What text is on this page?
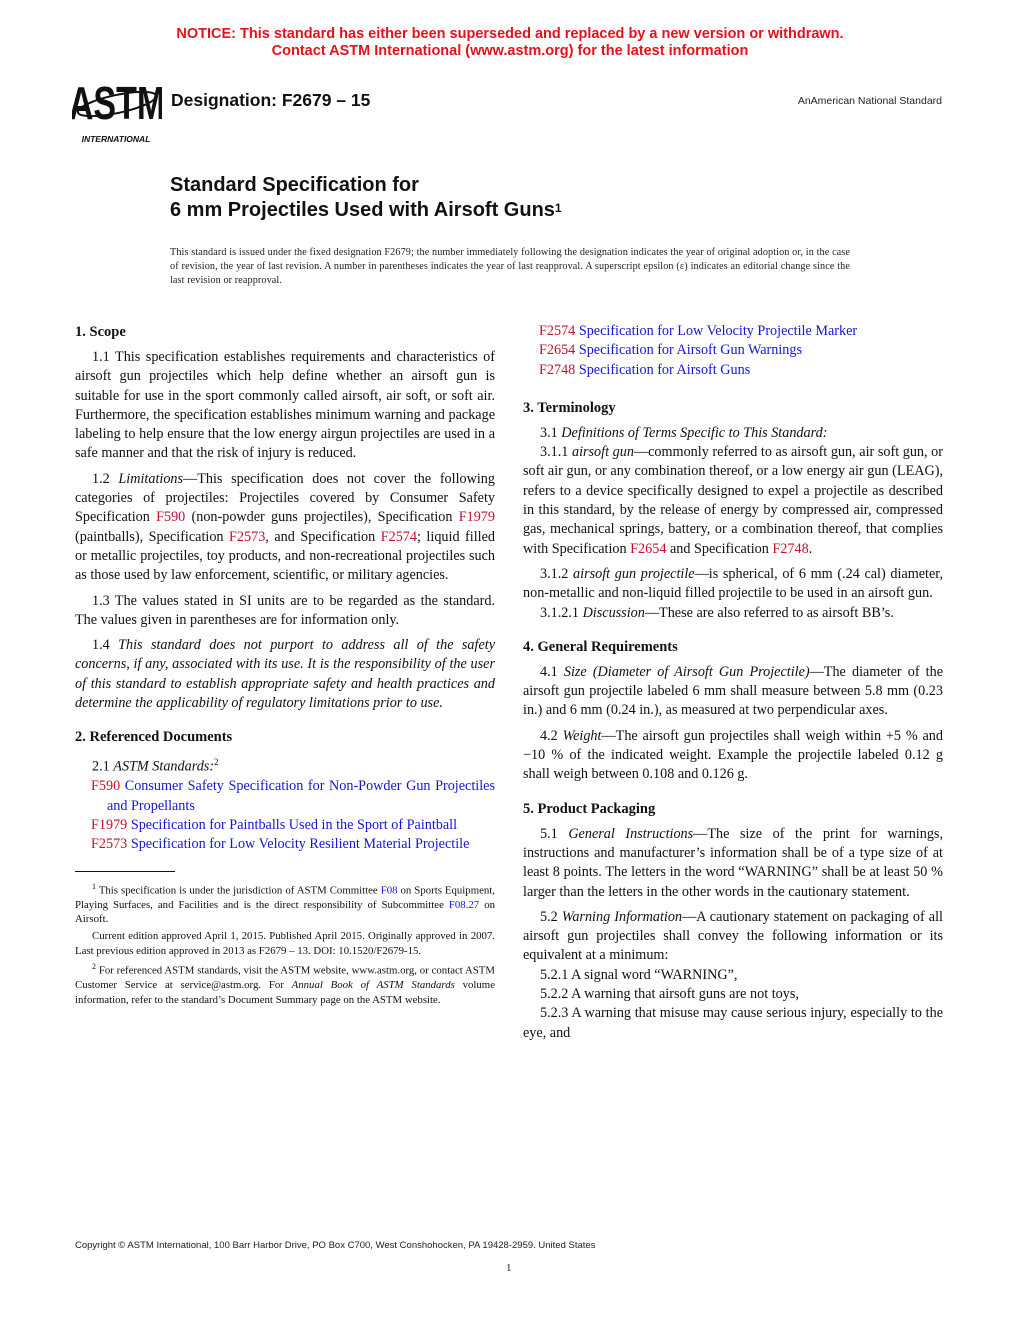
NOTICE: This standard has either been superseded and replaced by a new version or withdrawn.
Contact ASTM International (www.astm.org) for the latest information
ASTM
INTERNATIONAL
Designation: F2679 – 15	AnAmerican National Standard
Standard Specification for
6 mm Projectiles Used with Airsoft Guns$^1$
This standard is issued under the fixed designation F2679; the number immediately following the designation indicates the year of original adoption or, in the case of revision, the year of last revision. A number in parentheses indicates the year of last reapproval. A superscript epsilon (ε) indicates an editorial change since the last revision or reapproval.
1. Scope

1.1 This specification establishes requirements and characteristics of airsoft gun projectiles which help define whether an airsoft gun is suitable for use in the sport commonly called airsoft, air soft, or soft air. Furthermore, the specification establishes minimum warning and package labeling to help ensure that the low energy airgun projectiles are used in a safe manner and that the risk of injury is reduced.

1.2 Limitations—This specification does not cover the following categories of projectiles: Projectiles covered by Consumer Safety Specification F590 (non-powder guns projectiles), Specification F1979 (paintballs), Specification F2573, and Specification F2574; liquid filled or metallic projectiles, toy products, and non-recreational projectiles such as those used by law enforcement, scientific, or military agencies.

1.3 The values stated in SI units are to be regarded as the standard. The values given in parentheses are for information only.

1.4 This standard does not purport to address all of the safety concerns, if any, associated with its use. It is the responsibility of the user of this standard to establish appropriate safety and health practices and determine the applicability of regulatory limitations prior to use.

2. Referenced Documents

2.1 ASTM Standards:$^2$

F590 Consumer Safety Specification for Non-Powder Gun Projectiles and Propellants
F1979 Specification for Paintballs Used in the Sport of Paintball
F2573 Specification for Low Velocity Resilient Material Projectile

$^1$ This specification is under the jurisdiction of ASTM Committee F08 on Sports Equipment, Playing Surfaces, and Facilities and is the direct responsibility of Subcommittee F08.27 on Airsoft.

Current edition approved April 1, 2015. Published April 2015. Originally approved in 2007. Last previous edition approved in 2013 as F2679 – 13. DOI: 10.1520/F2679-15.

$^2$ For referenced ASTM standards, visit the ASTM website, www.astm.org, or contact ASTM Customer Service at service@astm.org. For Annual Book of ASTM Standards volume information, refer to the standard’s Document Summary page on the ASTM website.

F2574 Specification for Low Velocity Projectile Marker
F2654 Specification for Airsoft Gun Warnings
F2748 Specification for Airsoft Guns
3. Terminology

3.1 Definitions of Terms Specific to This Standard:

3.1.1 airsoft gun—commonly referred to as airsoft gun, air soft gun, or soft air gun, or any combination thereof, or a low energy air gun (LEAG), refers to a device specifically designed to expel a projectile as described in this standard, by the release of energy by compressed air, compressed gas, mechanical springs, battery, or a combination thereof, that complies with Specification F2654 and Specification F2748.

3.1.2 airsoft gun projectile—is spherical, of 6 mm (.24 cal) diameter, non-metallic and non-liquid filled projectile to be used in an airsoft gun.

3.1.2.1 Discussion—These are also referred to as airsoft BB’s.

4. General Requirements

4.1 Size (Diameter of Airsoft Gun Projectile)—The diameter of the airsoft gun projectile labeled 6 mm shall measure between 5.8 mm (0.23 in.) and 6 mm (0.24 in.), as measured at two perpendicular axes.

4.2 Weight—The airsoft gun projectiles shall weigh within +5 % and −10 % of the indicated weight. Example the projectile labeled 0.12 g shall weigh between 0.108 and 0.126 g.

5. Product Packaging

5.1 General Instructions—The size of the print for warnings, instructions and manufacturer’s information shall be of a type size of at least 8 points. The letters in the word “WARNING” shall be at least 50 % larger than the letters in the other words in the cautionary statement.

5.2 Warning Information—A cautionary statement on packaging of all airsoft gun projectiles shall convey the following information or its equivalent at a minimum:

5.2.1 A signal word “WARNING”,

5.2.2 A warning that airsoft guns are not toys,

5.2.3 A warning that misuse may cause serious injury, especially to the eye, and

Copyright © ASTM International, 100 Barr Harbor Drive, PO Box C700, West Conshohocken, PA 19428-2959. United States
1
